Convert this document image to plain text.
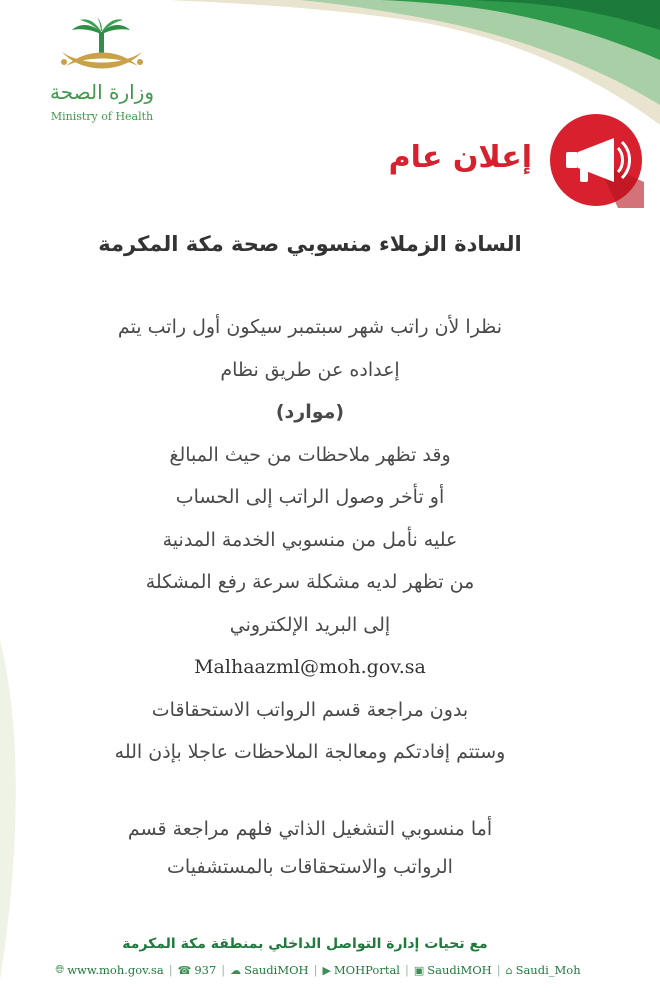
وزارة الصحة
Ministry of Health
إعلان عام
السادة الزملاء منسوبي صحة مكة المكرمة
نظرا لأن راتب شهر سبتمبر سيكون أول راتب يتم
إعداده عن طريق نظام
(موارد)
وقد تظهر ملاحظات من حيث المبالغ
أو تأخر وصول الراتب إلى الحساب
عليه نأمل من منسوبي الخدمة المدنية
من تظهر لديه مشكلة سرعة رفع المشكلة
إلى البريد الإلكتروني
Malhaazml@moh.gov.sa
بدون مراجعة قسم الرواتب الاستحقاقات
وستتم إفادتكم ومعالجة الملاحظات عاجلا بإذن الله
أما منسوبي التشغيل الذاتي فلهم مراجعة قسم
الرواتب والاستحقاقات بالمستشفيات
مع تحيات إدارة التواصل الداخلي بمنطقة مكة المكرمة
🌐︎ www.moh.gov.sa | ☎ 937 | ☁ SaudiMOH | ▶ MOHPortal | ▣ SaudiMOH | ⌂ Saudi_Moh
